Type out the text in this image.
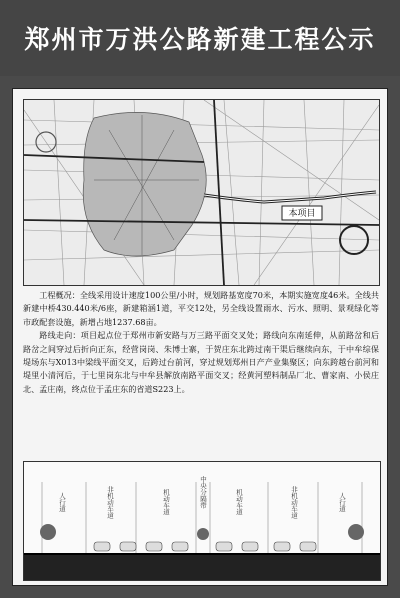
郑州市万洪公路新建工程公示
本项目

工程概况：全线采用设计速度100公里/小时，规划路基宽度70米，本期实施宽度46米。全线共新建中桥430.440米/6座，新建箱涵1道，平交12处，另全线设置雨水、污水、照明、景观绿化等市政配套设施，新增占地1237.68亩。

路线走向：项目起点位于郑州市新安路与万三路平面交叉处；路线向东南延伸，从前路岔和后路岔之间穿过后折向正东，经营岗岗、朱博士寨，于贺庄东北跨过南干渠后继续向东，于中牟综保堤场东与X013中梁线平面交叉，后跨过台前河，穿过规划郑州日产产业集聚区；向东跨越台前河和堤里小清河后，于七里岗东北与中牟县解放南路平面交叉；经黄河塑料制品厂北、曹家南、小侯庄北、孟庄南，终点位于孟庄东的省道S223上。

人行道	非机动车道	机动车道	中央分隔带	机动车道	非机动车道	人行道
